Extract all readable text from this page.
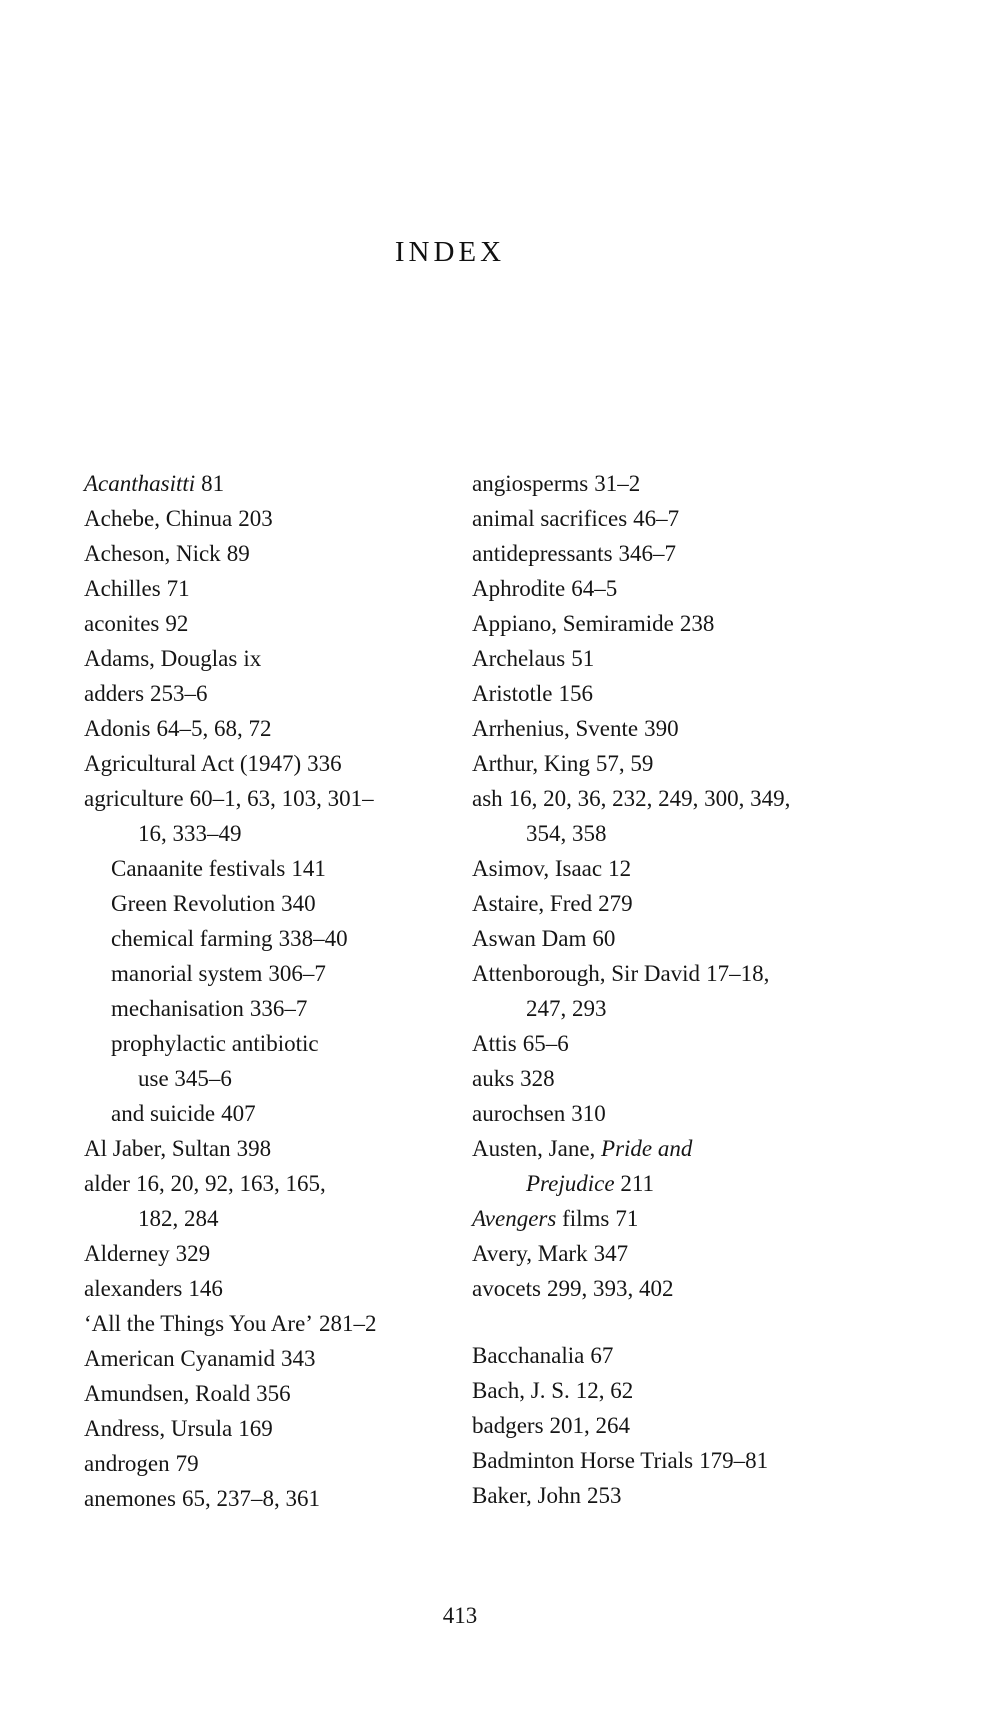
INDEX
Acanthasitti 81
Achebe, Chinua 203
Acheson, Nick 89
Achilles 71
aconites 92
Adams, Douglas ix
adders 253–6
Adonis 64–5, 68, 72
Agricultural Act (1947) 336
agriculture 60–1, 63, 103, 301–
16, 333–49
Canaanite festivals 141
Green Revolution 340
chemical farming 338–40
manorial system 306–7
mechanisation 336–7
prophylactic antibiotic
use 345–6
and suicide 407
Al Jaber, Sultan 398
alder 16, 20, 92, 163, 165,
182, 284
Alderney 329
alexanders 146
‘All the Things You Are’ 281–2
American Cyanamid 343
Amundsen, Roald 356
Andress, Ursula 169
androgen 79
anemones 65, 237–8, 361
angiosperms 31–2
animal sacrifices 46–7
antidepressants 346–7
Aphrodite 64–5
Appiano, Semiramide 238
Archelaus 51
Aristotle 156
Arrhenius, Svente 390
Arthur, King 57, 59
ash 16, 20, 36, 232, 249, 300, 349,
354, 358
Asimov, Isaac 12
Astaire, Fred 279
Aswan Dam 60
Attenborough, Sir David 17–18,
247, 293
Attis 65–6
auks 328
aurochsen 310
Austen, Jane, Pride and
Prejudice 211
Avengers films 71
Avery, Mark 347
avocets 299, 393, 402
Bacchanalia 67
Bach, J. S. 12, 62
badgers 201, 264
Badminton Horse Trials 179–81
Baker, John 253
413
